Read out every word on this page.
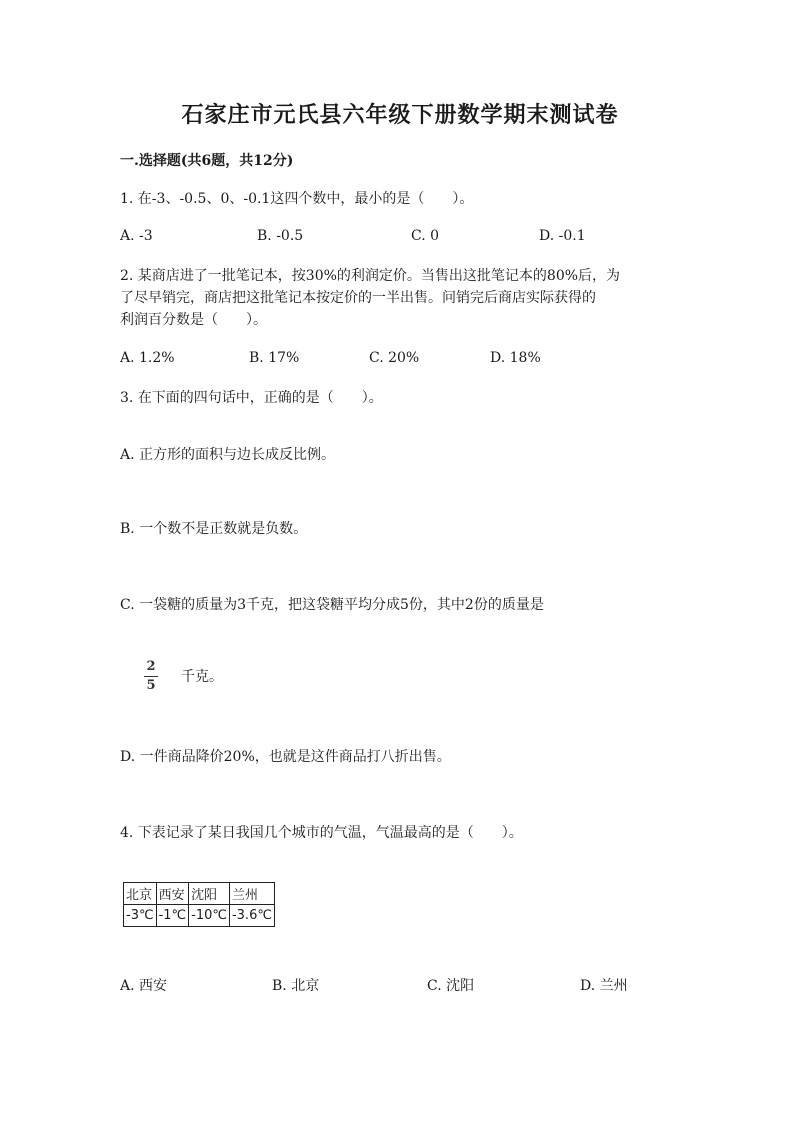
石家庄市元氏县六年级下册数学期末测试卷
一.选择题(共6题，共12分)
1. 在-3、-0.5、0、-0.1这四个数中，最小的是（　　）。
A. -3	B. -0.5	C. 0	D. -0.1
2. 某商店进了一批笔记本，按30%的利润定价。当售出这批笔记本的80%后，为
了尽早销完，商店把这批笔记本按定价的一半出售。问销完后商店实际获得的
利润百分数是（　　）。
A. 1.2%	B. 17%	C. 20%	D. 18%
3. 在下面的四句话中，正确的是（　　）。
A. 正方形的面积与边长成反比例。
B. 一个数不是正数就是负数。
C. 一袋糖的质量为3千克，把这袋糖平均分成5份，其中2份的质量是
2
5
千克。
D. 一件商品降价20%，也就是这件商品打八折出售。
4. 下表记录了某日我国几个城市的气温，气温最高的是（　　）。
北京	西安	沈阳	兰州
-3℃	-1℃	-10℃	-3.6℃
A. 西安	B. 北京	C. 沈阳	D. 兰州
